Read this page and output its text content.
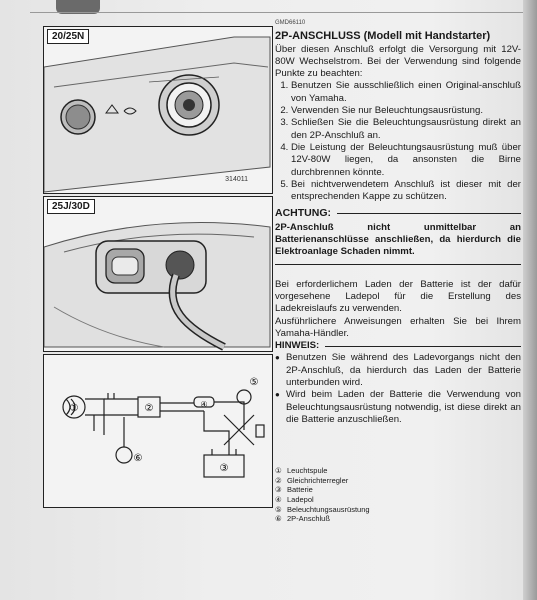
20/25N
314011
25J/30D
①	②
③
④
⑤
⑥
GMD66110
2P-ANSCHLUSS (Modell mit Handstarter)

Über diesen Anschluß erfolgt die Versorgung mit 12V-80W Wechselstrom. Bei der Verwendung sind folgende Punkte zu beachten:

1. Benutzen Sie ausschließlich einen Original-anschluß von Yamaha.
2. Verwenden Sie nur Beleuchtungsausrüstung.
3. Schließen Sie die Beleuchtungsausrüstung direkt an den 2P-Anschluß an.
4. Die Leistung der Beleuchtungsausrüstung muß über 12V-80W liegen, da ansonsten die Birne durchbrennen könnte.
5. Bei nichtverwendetem Anschluß ist dieser mit der entsprechenden Kappe zu schützen.
ACHTUNG:

2P-Anschluß nicht unmittelbar an Batterienanschlüsse anschließen, da hierdurch die Elektroanlage Schaden nimmt.

Bei erforderlichem Laden der Batterie ist der dafür vorgesehene Ladepol für die Erstellung des Ladekreislaufs zu verwenden.

Ausführlichere Anweisungen erhalten Sie bei Ihrem Yamaha-Händler.

HINWEIS:
● Benutzen Sie während des Ladevorgangs nicht den 2P-Anschluß, da hierdurch das Laden der Batterie unterbunden wird.
● Wird beim Laden der Batterie die Verwendung von Beleuchtungsausrüstung notwendig, ist diese direkt an die Batterie anzuschließen.
① Leuchtspule
② Gleichrichterregler
③ Batterie
④ Ladepol
⑤ Beleuchtungsausrüstung
⑥ 2P-Anschluß
